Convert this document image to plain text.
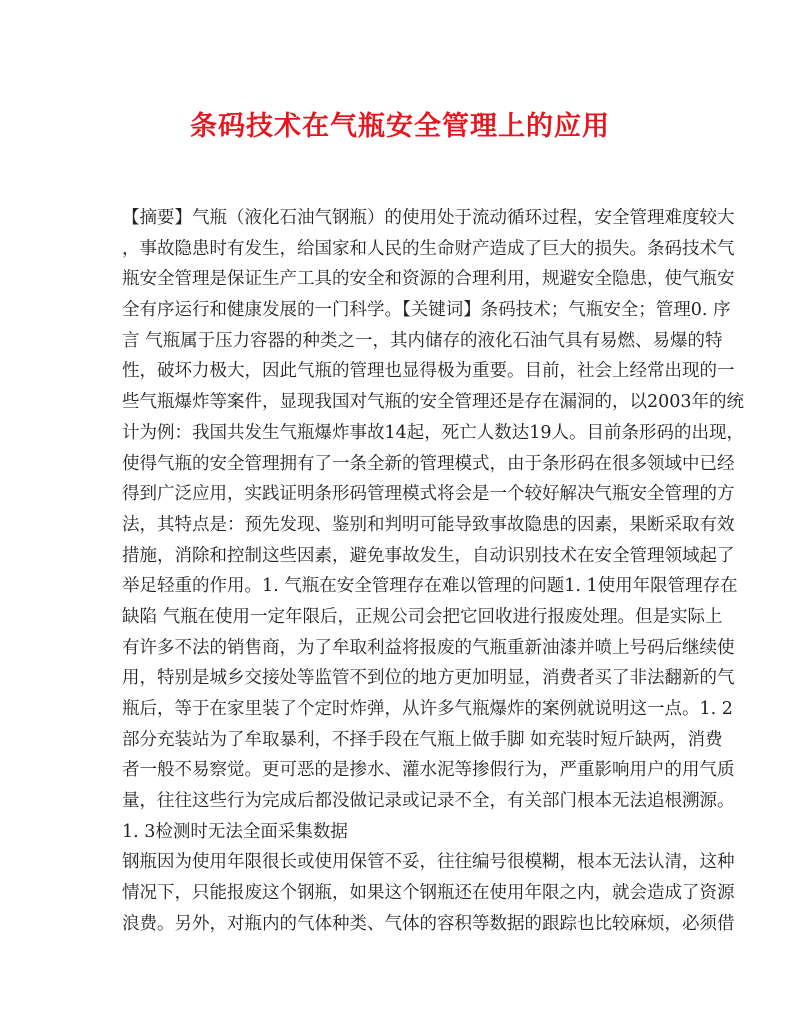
条码技术在气瓶安全管理上的应用
【摘要】气瓶（液化石油气钢瓶）的使用处于流动循环过程，安全管理难度较大
，事故隐患时有发生，给国家和人民的生命财产造成了巨大的损失。条码技术气
瓶安全管理是保证生产工具的安全和资源的合理利用，规避安全隐患，使气瓶安
全有序运行和健康发展的一门科学。【关键词】条码技术；气瓶安全；管理0. 序
言 气瓶属于压力容器的种类之一，其内储存的液化石油气具有易燃、易爆的特
性，破坏力极大，因此气瓶的管理也显得极为重要。目前，社会上经常出现的一
些气瓶爆炸等案件，显现我国对气瓶的安全管理还是存在漏洞的，以2003年的统
计为例：我国共发生气瓶爆炸事故14起，死亡人数达19人。目前条形码的出现，
使得气瓶的安全管理拥有了一条全新的管理模式，由于条形码在很多领域中已经
得到广泛应用，实践证明条形码管理模式将会是一个较好解决气瓶安全管理的方
法，其特点是：预先发现、鉴别和判明可能导致事故隐患的因素，果断采取有效
措施，消除和控制这些因素，避免事故发生，自动识别技术在安全管理领域起了
举足轻重的作用。1. 气瓶在安全管理存在难以管理的问题1. 1使用年限管理存在
缺陷 气瓶在使用一定年限后，正规公司会把它回收进行报废处理。但是实际上
有许多不法的销售商，为了牟取利益将报废的气瓶重新油漆并喷上号码后继续使
用，特别是城乡交接处等监管不到位的地方更加明显，消费者买了非法翻新的气
瓶后，等于在家里装了个定时炸弹，从许多气瓶爆炸的案例就说明这一点。1. 2
部分充装站为了牟取暴利，不择手段在气瓶上做手脚 如充装时短斤缺两，消费
者一般不易察觉。更可恶的是掺水、灌水泥等掺假行为，严重影响用户的用气质
量，往往这些行为完成后都没做记录或记录不全，有关部门根本无法追根溯源。
1. 3检测时无法全面采集数据
钢瓶因为使用年限很长或使用保管不妥，往往编号很模糊，根本无法认清，这种
情况下，只能报废这个钢瓶，如果这个钢瓶还在使用年限之内，就会造成了资源
浪费。另外，对瓶内的气体种类、气体的容积等数据的跟踪也比较麻烦，必须借
